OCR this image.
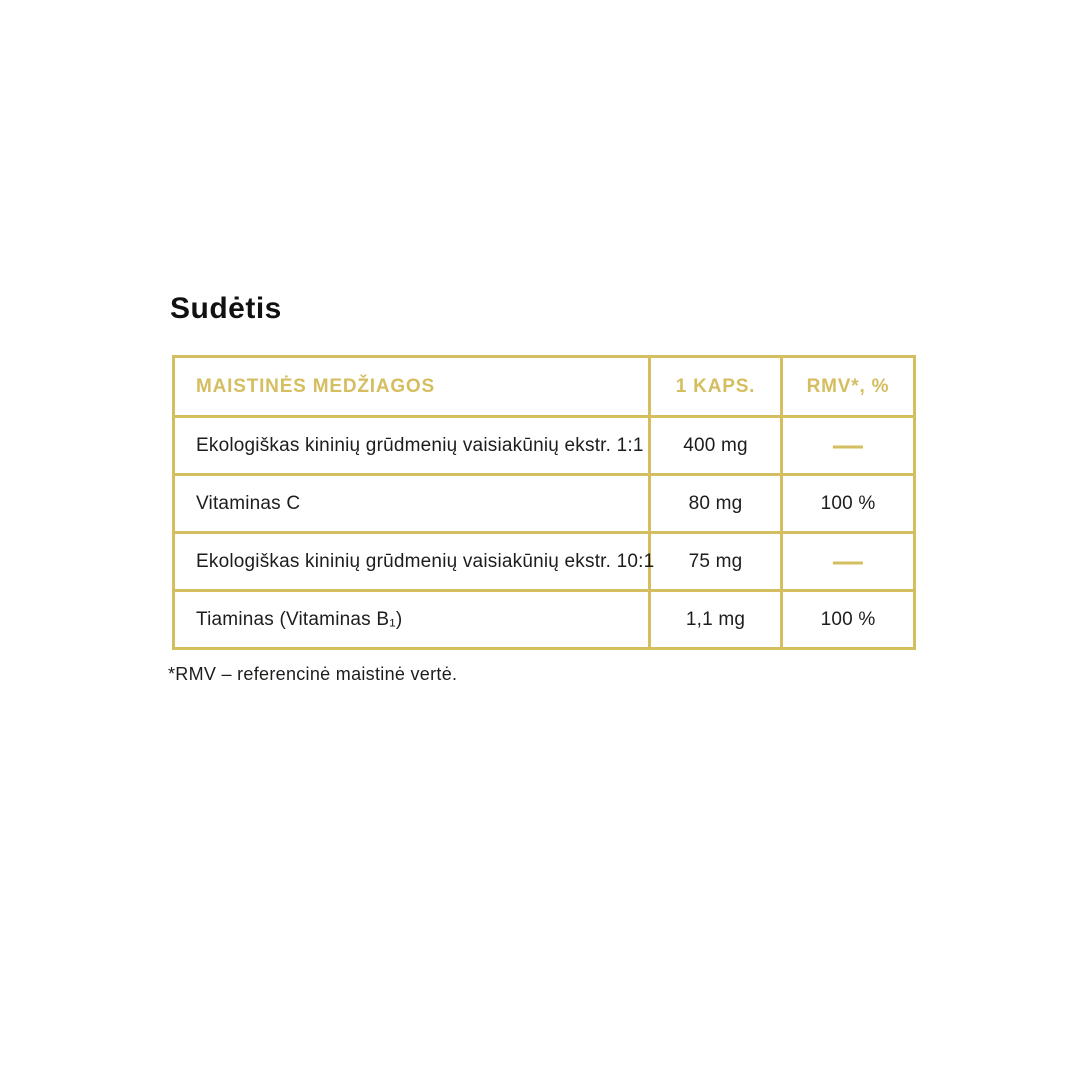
Sudėtis
MAISTINĖS MEDŽIAGOS	1 KAPS.	RMV*, %
Ekologiškas kininių grūdmenių vaisiakūnių ekstr. 1:1	400 mg	—
Vitaminas C	80 mg	100 %
Ekologiškas kininių grūdmenių vaisiakūnių ekstr. 10:1	75 mg	—
Tiaminas (Vitaminas B₁)	1,1 mg	100 %
*RMV – referencinė maistinė vertė.
